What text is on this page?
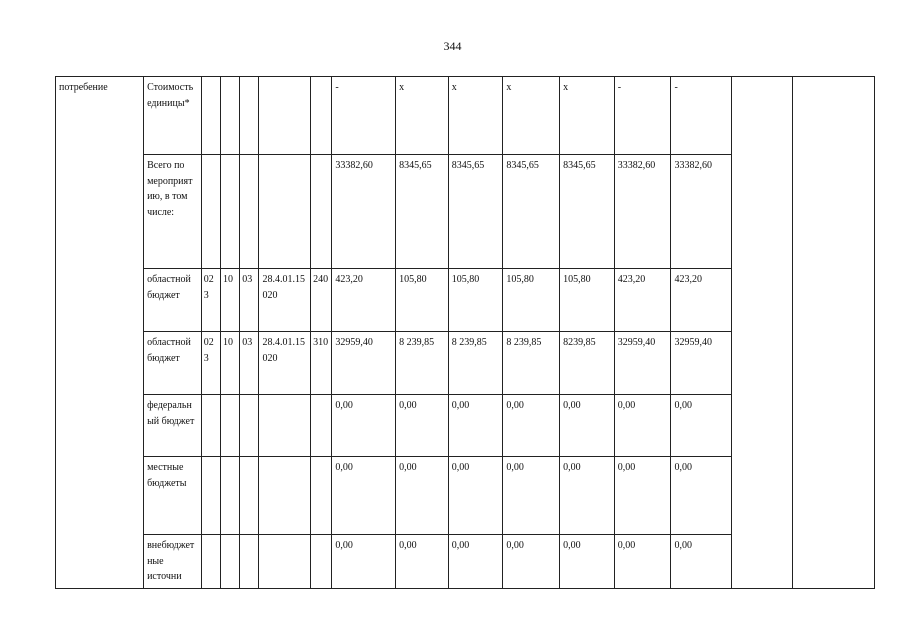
344
потребение	Стоимость единицы*						-	x	x	x	x	-	-		
	Всего по мероприятию, в том числе:						33382,60	8345,65	8345,65	8345,65	8345,65	33382,60	33382,60		
	областной бюджет	023	10	03	28.4.01.15020	240	423,20	105,80	105,80	105,80	105,80	423,20	423,20		
	областной бюджет	023	10	03	28.4.01.15020	310	32959,40	8 239,85	8 239,85	8 239,85	8239,85	32959,40	32959,40		
	федеральный бюджет						0,00	0,00	0,00	0,00	0,00	0,00	0,00		
	местные бюджеты						0,00	0,00	0,00	0,00	0,00	0,00	0,00		
	внебюджетные источни						0,00	0,00	0,00	0,00	0,00	0,00	0,00		
